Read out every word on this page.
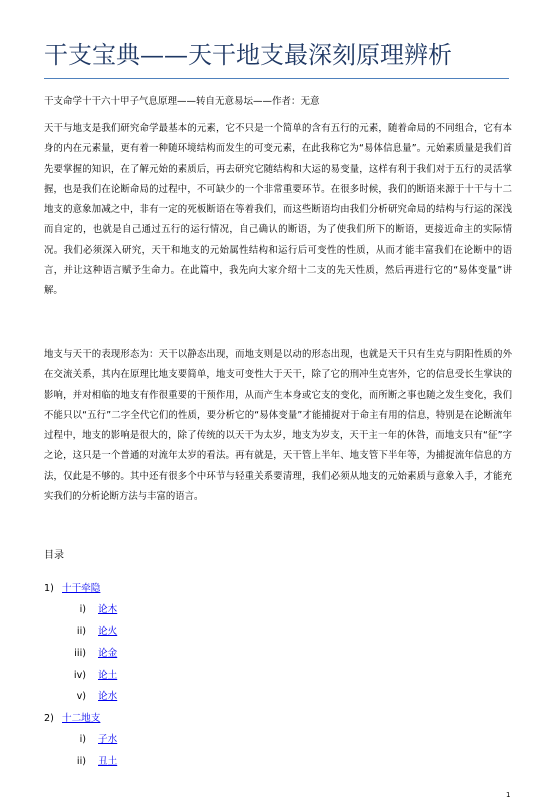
干支宝典——天干地支最深刻原理辨析
干支命学十干六十甲子气息原理——转自无意易坛——作者：无意

天干与地支是我们研究命学最基本的元素，它不只是一个简单的含有五行的元素，随着命局的不同组合，它有本身的内在元素量，更有着一种随环境结构而发生的可变元素，在此我称它为“易体信息量”。元始素质量是我们首先要掌握的知识，在了解元始的素质后，再去研究它随结构和大运的易变量，这样有利于我们对于五行的灵活掌握，也是我们在论断命局的过程中，不可缺少的一个非常重要环节。在很多时候，我们的断语来源于十干与十二地支的意象加减之中，非有一定的死板断语在等着我们，而这些断语均由我们分析研究命局的结构与行运的深浅而自定的，也就是自己通过五行的运行情况，自己确认的断语，为了使我们所下的断语，更接近命主的实际情况。我们必须深入研究，天干和地支的元始属性结构和运行后可变性的性质，从而才能丰富我们在论断中的语言，并让这种语言赋予生命力。在此篇中，我先向大家介绍十二支的先天性质，然后再进行它的“易体变量”讲解。

地支与天干的表现形态为：天干以静态出现，而地支则是以动的形态出现，也就是天干只有生克与阴阳性质的外在交流关系，其内在原理比地支要简单，地支可变性大于天干，除了它的刑冲生克害外，它的信息受长生掌诀的影响，并对相临的地支有作很重要的干预作用，从而产生本身或它支的变化，而所断之事也随之发生变化，我们不能只以“五行”二字全代它们的性质，要分析它的“易体变量”才能捕捉对于命主有用的信息，特别是在论断流年过程中，地支的影响是很大的，除了传统的以天干为太岁，地支为岁支，天干主一年的休咎，而地支只有“征”字之论，这只是一个普通的对流年太岁的看法。再有就是，天干管上半年、地支管下半年等，为捕捉流年信息的方法，仅此是不够的。其中还有很多个中环节与轻重关系要清理，我们必须从地支的元始素质与意象入手，才能充实我们的分析论断方法与丰富的语言。

目录
1) 十干牵隐
i) 论木
ii) 论火
iii) 论金
iv) 论土
v) 论水
2) 十二地支
i) 子水
ii) 丑土
1
